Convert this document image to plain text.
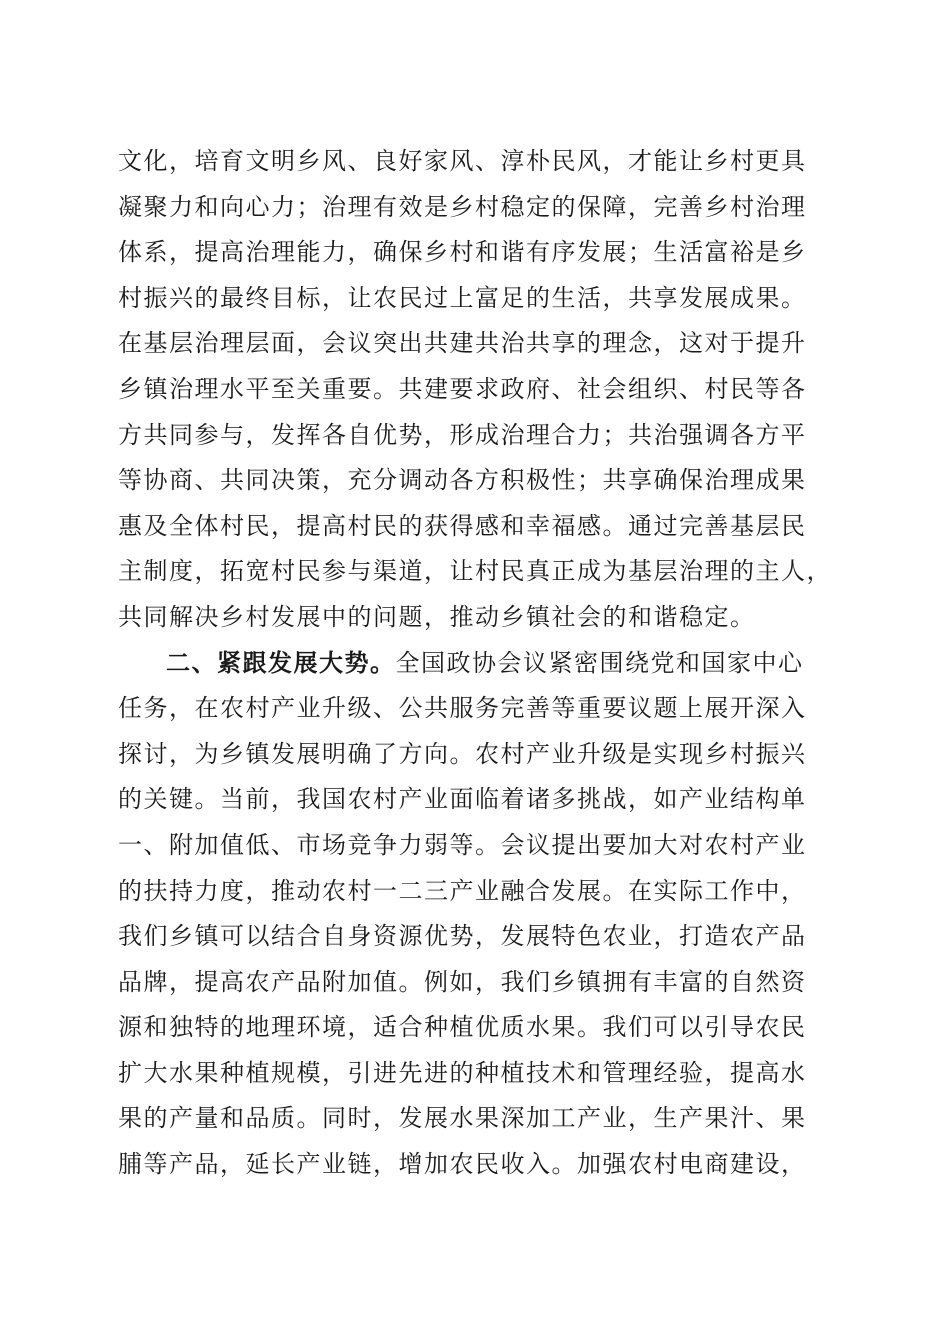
文化，培育文明乡风、良好家风、淳朴民风，才能让乡村更具
凝聚力和向心力；治理有效是乡村稳定的保障，完善乡村治理
体系，提高治理能力，确保乡村和谐有序发展；生活富裕是乡
村振兴的最终目标，让农民过上富足的生活，共享发展成果。
在基层治理层面，会议突出共建共治共享的理念，这对于提升
乡镇治理水平至关重要。共建要求政府、社会组织、村民等各
方共同参与，发挥各自优势，形成治理合力；共治强调各方平
等协商、共同决策，充分调动各方积极性；共享确保治理成果
惠及全体村民，提高村民的获得感和幸福感。通过完善基层民
主制度，拓宽村民参与渠道，让村民真正成为基层治理的主人，
共同解决乡村发展中的问题，推动乡镇社会的和谐稳定。
二、紧跟发展大势。全国政协会议紧密围绕党和国家中心
任务，在农村产业升级、公共服务完善等重要议题上展开深入
探讨，为乡镇发展明确了方向。农村产业升级是实现乡村振兴
的关键。当前，我国农村产业面临着诸多挑战，如产业结构单
一、附加值低、市场竞争力弱等。会议提出要加大对农村产业
的扶持力度，推动农村一二三产业融合发展。在实际工作中，
我们乡镇可以结合自身资源优势，发展特色农业，打造农产品
品牌，提高农产品附加值。例如，我们乡镇拥有丰富的自然资
源和独特的地理环境，适合种植优质水果。我们可以引导农民
扩大水果种植规模，引进先进的种植技术和管理经验，提高水
果的产量和品质。同时，发展水果深加工产业，生产果汁、果
脯等产品，延长产业链，增加农民收入。加强农村电商建设，
